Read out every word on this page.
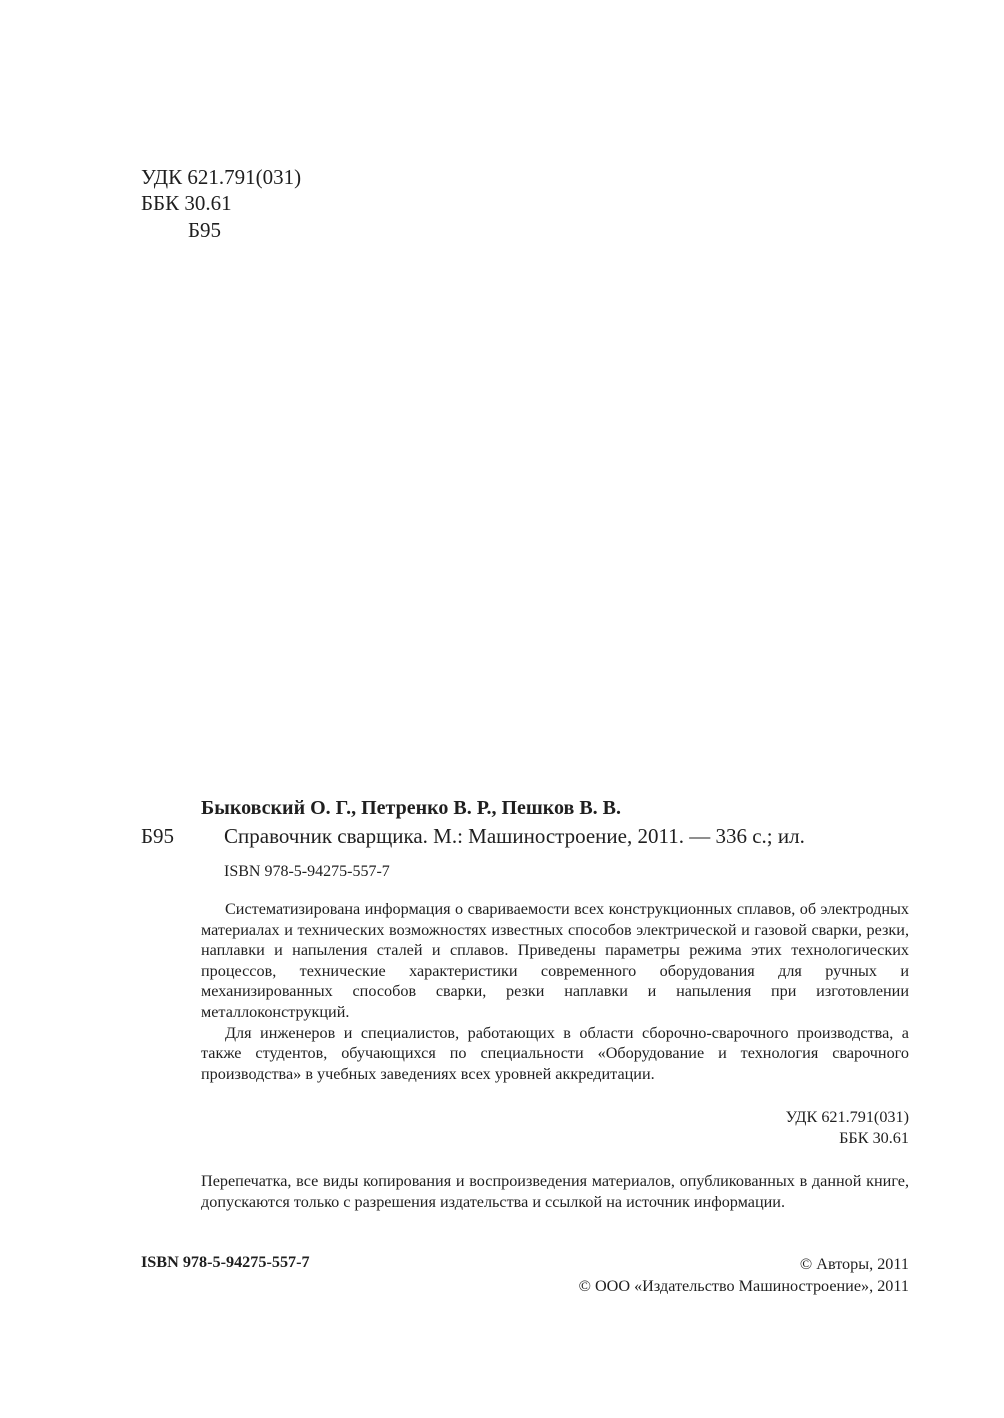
УДК 621.791(031)
ББК 30.61
Б95
Быковский О. Г., Петренко В. Р., Пешков В. В.
Б95 Справочник сварщика. М.: Машиностроение, 2011. — 336 с.; ил.
ISBN 978-5-94275-557-7

Систематизирована информация о свариваемости всех конструкционных сплавов, об электродных материалах и технических возможностях известных способов электрической и газовой сварки, резки, наплавки и напыления сталей и сплавов. Приведены параметры режима этих технологических процессов, технические характеристики современного оборудования для ручных и механизированных способов сварки, резки наплавки и напыления при изготовлении металлоконструкций.

Для инженеров и специалистов, работающих в области сборочно-сварочного производства, а также студентов, обучающихся по специальности «Оборудование и технология сварочного производства» в учебных заведениях всех уровней аккредитации.

УДК 621.791(031)
ББК 30.61
Перепечатка, все виды копирования и воспроизведения материалов, опубликованных в данной книге, допускаются только с разрешения издательства и ссылкой на источник информации.
ISBN 978-5-94275-557-7	© Авторы, 2011
© ООО «Издательство Машиностроение», 2011
